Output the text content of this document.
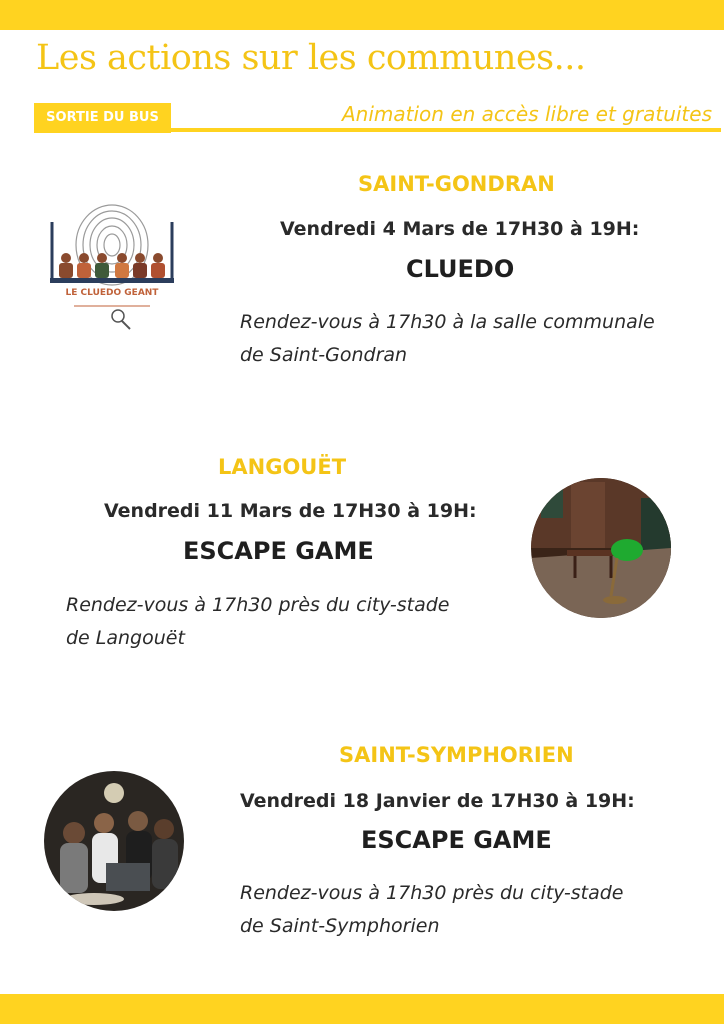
Les actions sur les communes...
SORTIE DU BUS	Animation en accès libre et gratuites
LE CLUEDO GEANT
SAINT-GONDRAN
Vendredi 4 Mars de 17H30 à 19H:
CLUEDO
Rendez-vous à 17h30 à la salle communale
de Saint-Gondran
LANGOUËT
Vendredi 11 Mars de 17H30 à 19H:
ESCAPE GAME
Rendez-vous à 17h30 près du city-stade
de Langouët
SAINT-SYMPHORIEN
Vendredi 18 Janvier de 17H30 à 19H:
ESCAPE GAME
Rendez-vous à 17h30 près du city-stade
de Saint-Symphorien
